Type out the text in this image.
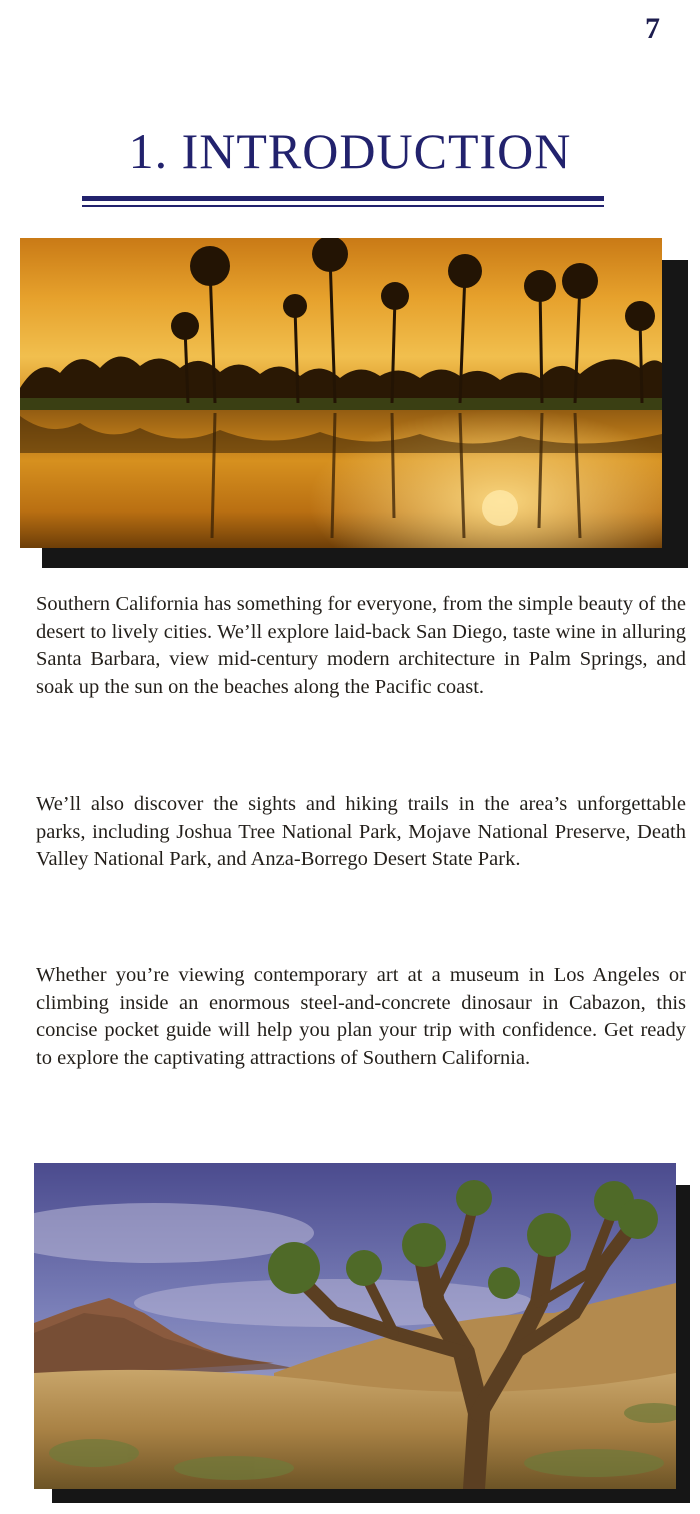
7
1. INTRODUCTION

Southern California has something for everyone, from the simple beauty of the desert to lively cities. We’ll explore laid-back San Diego, taste wine in alluring Santa Barbara, view mid-century modern architecture in Palm Springs, and soak up the sun on the beaches along the Pacific coast.

We’ll also discover the sights and hiking trails in the area’s unforgettable parks, including Joshua Tree National Park, Mojave National Preserve, Death Valley National Park, and Anza-Borrego Desert State Park.

Whether you’re viewing contemporary art at a museum in Los Angeles or climbing inside an enormous steel-and-concrete dinosaur in Cabazon, this concise pocket guide will help you plan your trip with confidence. Get ready to explore the captivating attractions of Southern California.
